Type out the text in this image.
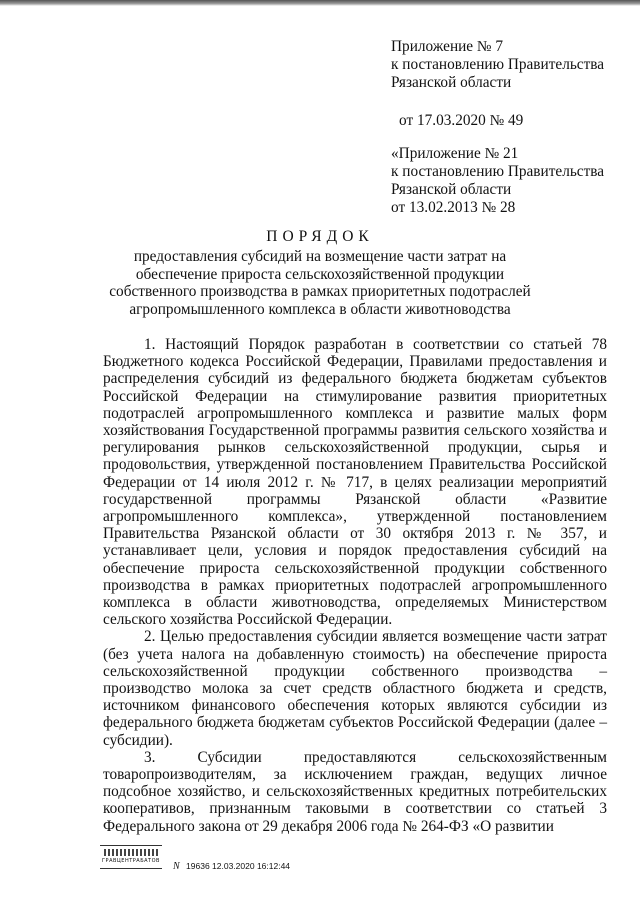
Приложение № 7
к постановлению Правительства
Рязанской области
от 17.03.2020 № 49
«Приложение № 21
к постановлению Правительства
Рязанской области
от 13.02.2013 № 28
ПОРЯДОК
предоставления субсидий на возмещение части затрат на
обеспечение прироста сельскохозяйственной продукции
собственного производства в рамках приоритетных подотраслей
агропромышленного комплекса в области животноводства

1. Настоящий Порядок разработан в соответствии со статьей 78 Бюджетного кодекса Российской Федерации, Правилами предоставления и распределения субсидий из федерального бюджета бюджетам субъектов Российской Федерации на стимулирование развития приоритетных подотраслей агропромышленного комплекса и развитие малых форм хозяйствования Государственной программы развития сельского хозяйства и регулирования рынков сельскохозяйственной продукции, сырья и продовольствия, утвержденной постановлением Правительства Российской Федерации от 14 июля 2012 г. № 717, в целях реализации мероприятий государственной программы Рязанской области «Развитие агропромышленного комплекса», утвержденной постановлением Правительства Рязанской области от 30 октября 2013 г. № 357, и устанавливает цели, условия и порядок предоставления субсидий на обеспечение прироста сельскохозяйственной продукции собственного производства в рамках приоритетных подотраслей агропромышленного комплекса в области животноводства, определяемых Министерством сельского хозяйства Российской Федерации.

2. Целью предоставления субсидии является возмещение части затрат (без учета налога на добавленную стоимость) на обеспечение прироста сельскохозяйственной продукции собственного производства – производство молока за счет средств областного бюджета и средств, источником финансового обеспечения которых являются субсидии из федерального бюджета бюджетам субъектов Российской Федерации (далее – субсидии).

3. Субсидии предоставляются сельскохозяйственным товаропроизводителям, за исключением граждан, ведущих личное подсобное хозяйство, и сельскохозяйственных кредитных потребительских кооперативов, признанным таковыми в соответствии со статьей 3 Федерального закона от 29 декабря 2006 года № 264-ФЗ «О развитии

ГРАВЦЕНТРАБАТОВ N 19636 12.03.2020 16:12:44
